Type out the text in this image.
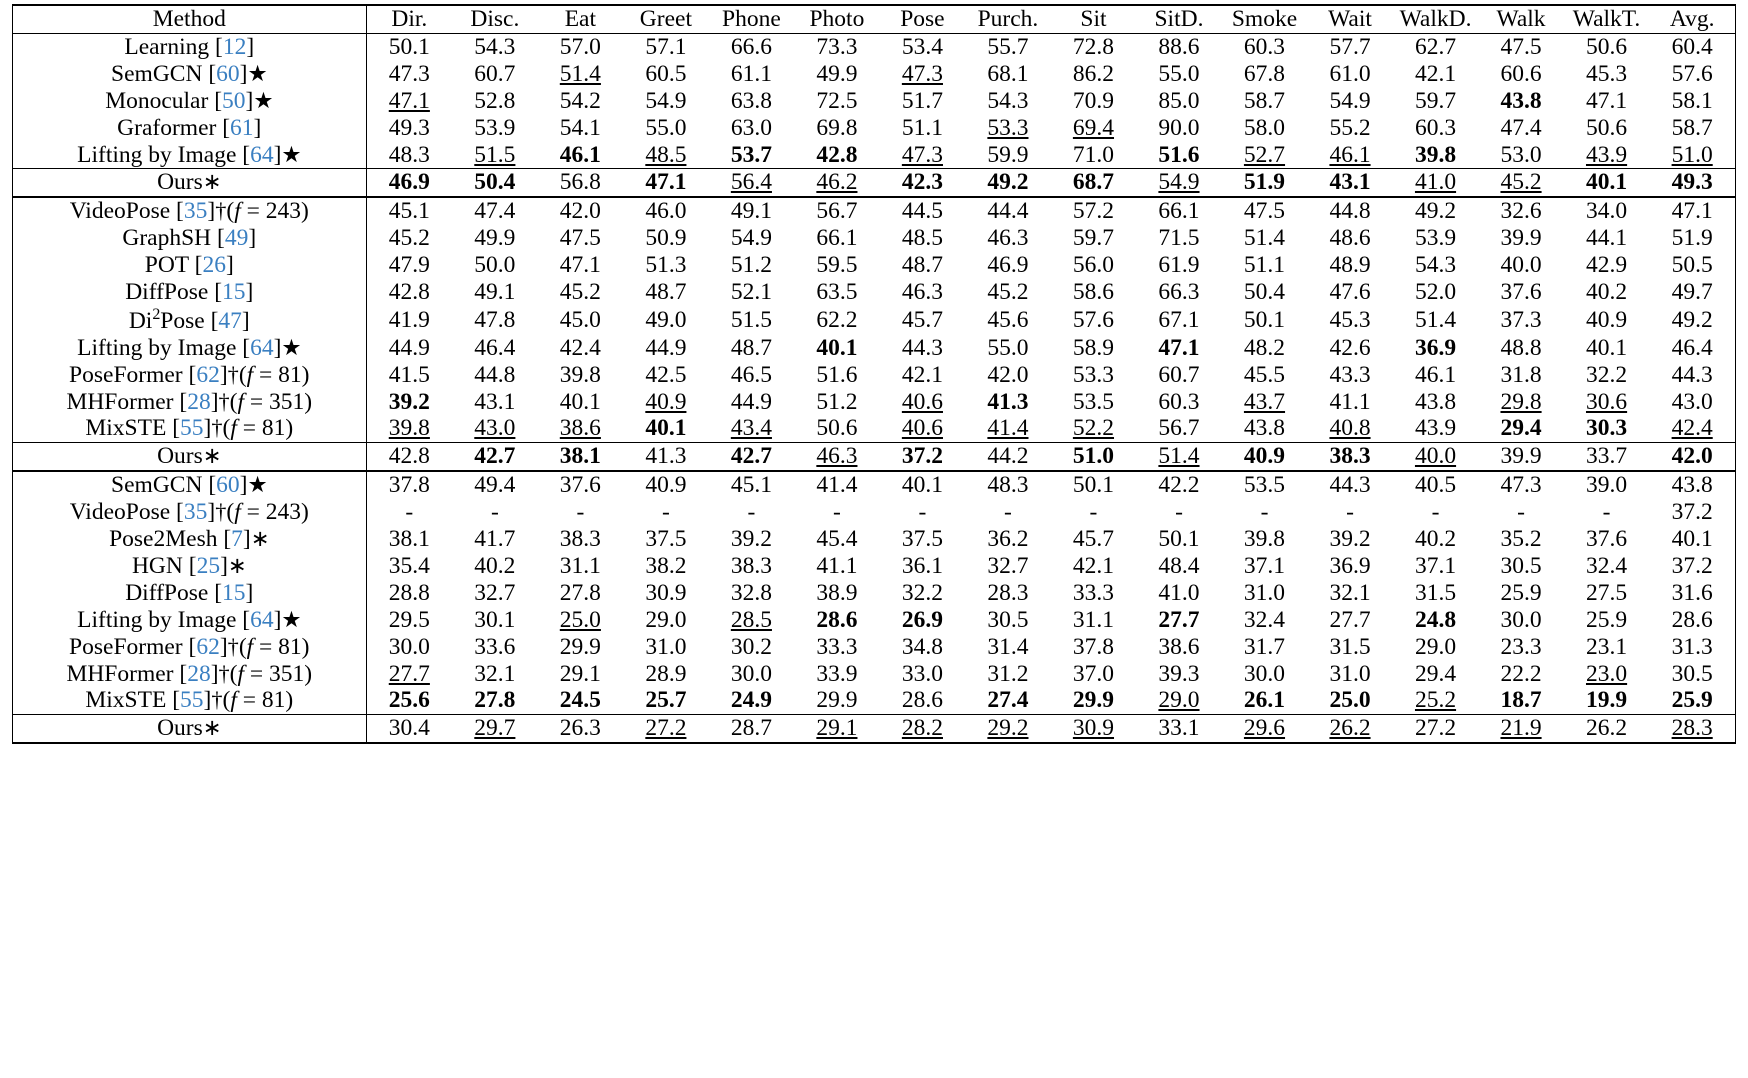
Method	Dir.	Disc.	Eat	Greet	Phone	Photo	Pose	Purch.	Sit	SitD.	Smoke	Wait	WalkD.	Walk	WalkT.	Avg.
Learning [12]	50.1	54.3	57.0	57.1	66.6	73.3	53.4	55.7	72.8	88.6	60.3	57.7	62.7	47.5	50.6	60.4
SemGCN [60]★	47.3	60.7	51.4	60.5	61.1	49.9	47.3	68.1	86.2	55.0	67.8	61.0	42.1	60.6	45.3	57.6
Monocular [50]★	47.1	52.8	54.2	54.9	63.8	72.5	51.7	54.3	70.9	85.0	58.7	54.9	59.7	43.8	47.1	58.1
Graformer [61]	49.3	53.9	54.1	55.0	63.0	69.8	51.1	53.3	69.4	90.0	58.0	55.2	60.3	47.4	50.6	58.7
Lifting by Image [64]★	48.3	51.5	46.1	48.5	53.7	42.8	47.3	59.9	71.0	51.6	52.7	46.1	39.8	53.0	43.9	51.0
Ours∗	46.9	50.4	56.8	47.1	56.4	46.2	42.3	49.2	68.7	54.9	51.9	43.1	41.0	45.2	40.1	49.3
VideoPose [35]†(f = 243)	45.1	47.4	42.0	46.0	49.1	56.7	44.5	44.4	57.2	66.1	47.5	44.8	49.2	32.6	34.0	47.1
GraphSH [49]	45.2	49.9	47.5	50.9	54.9	66.1	48.5	46.3	59.7	71.5	51.4	48.6	53.9	39.9	44.1	51.9
POT [26]	47.9	50.0	47.1	51.3	51.2	59.5	48.7	46.9	56.0	61.9	51.1	48.9	54.3	40.0	42.9	50.5
DiffPose [15]	42.8	49.1	45.2	48.7	52.1	63.5	46.3	45.2	58.6	66.3	50.4	47.6	52.0	37.6	40.2	49.7
Di$^2$Pose [47]	41.9	47.8	45.0	49.0	51.5	62.2	45.7	45.6	57.6	67.1	50.1	45.3	51.4	37.3	40.9	49.2
Lifting by Image [64]★	44.9	46.4	42.4	44.9	48.7	40.1	44.3	55.0	58.9	47.1	48.2	42.6	36.9	48.8	40.1	46.4
PoseFormer [62]†(f = 81)	41.5	44.8	39.8	42.5	46.5	51.6	42.1	42.0	53.3	60.7	45.5	43.3	46.1	31.8	32.2	44.3
MHFormer [28]†(f = 351)	39.2	43.1	40.1	40.9	44.9	51.2	40.6	41.3	53.5	60.3	43.7	41.1	43.8	29.8	30.6	43.0
MixSTE [55]†(f = 81)	39.8	43.0	38.6	40.1	43.4	50.6	40.6	41.4	52.2	56.7	43.8	40.8	43.9	29.4	30.3	42.4
Ours∗	42.8	42.7	38.1	41.3	42.7	46.3	37.2	44.2	51.0	51.4	40.9	38.3	40.0	39.9	33.7	42.0
SemGCN [60]★	37.8	49.4	37.6	40.9	45.1	41.4	40.1	48.3	50.1	42.2	53.5	44.3	40.5	47.3	39.0	43.8
VideoPose [35]†(f = 243)	-	-	-	-	-	-	-	-	-	-	-	-	-	-	-	37.2
Pose2Mesh [7]∗	38.1	41.7	38.3	37.5	39.2	45.4	37.5	36.2	45.7	50.1	39.8	39.2	40.2	35.2	37.6	40.1
HGN [25]∗	35.4	40.2	31.1	38.2	38.3	41.1	36.1	32.7	42.1	48.4	37.1	36.9	37.1	30.5	32.4	37.2
DiffPose [15]	28.8	32.7	27.8	30.9	32.8	38.9	32.2	28.3	33.3	41.0	31.0	32.1	31.5	25.9	27.5	31.6
Lifting by Image [64]★	29.5	30.1	25.0	29.0	28.5	28.6	26.9	30.5	31.1	27.7	32.4	27.7	24.8	30.0	25.9	28.6
PoseFormer [62]†(f = 81)	30.0	33.6	29.9	31.0	30.2	33.3	34.8	31.4	37.8	38.6	31.7	31.5	29.0	23.3	23.1	31.3
MHFormer [28]†(f = 351)	27.7	32.1	29.1	28.9	30.0	33.9	33.0	31.2	37.0	39.3	30.0	31.0	29.4	22.2	23.0	30.5
MixSTE [55]†(f = 81)	25.6	27.8	24.5	25.7	24.9	29.9	28.6	27.4	29.9	29.0	26.1	25.0	25.2	18.7	19.9	25.9
Ours∗	30.4	29.7	26.3	27.2	28.7	29.1	28.2	29.2	30.9	33.1	29.6	26.2	27.2	21.9	26.2	28.3
